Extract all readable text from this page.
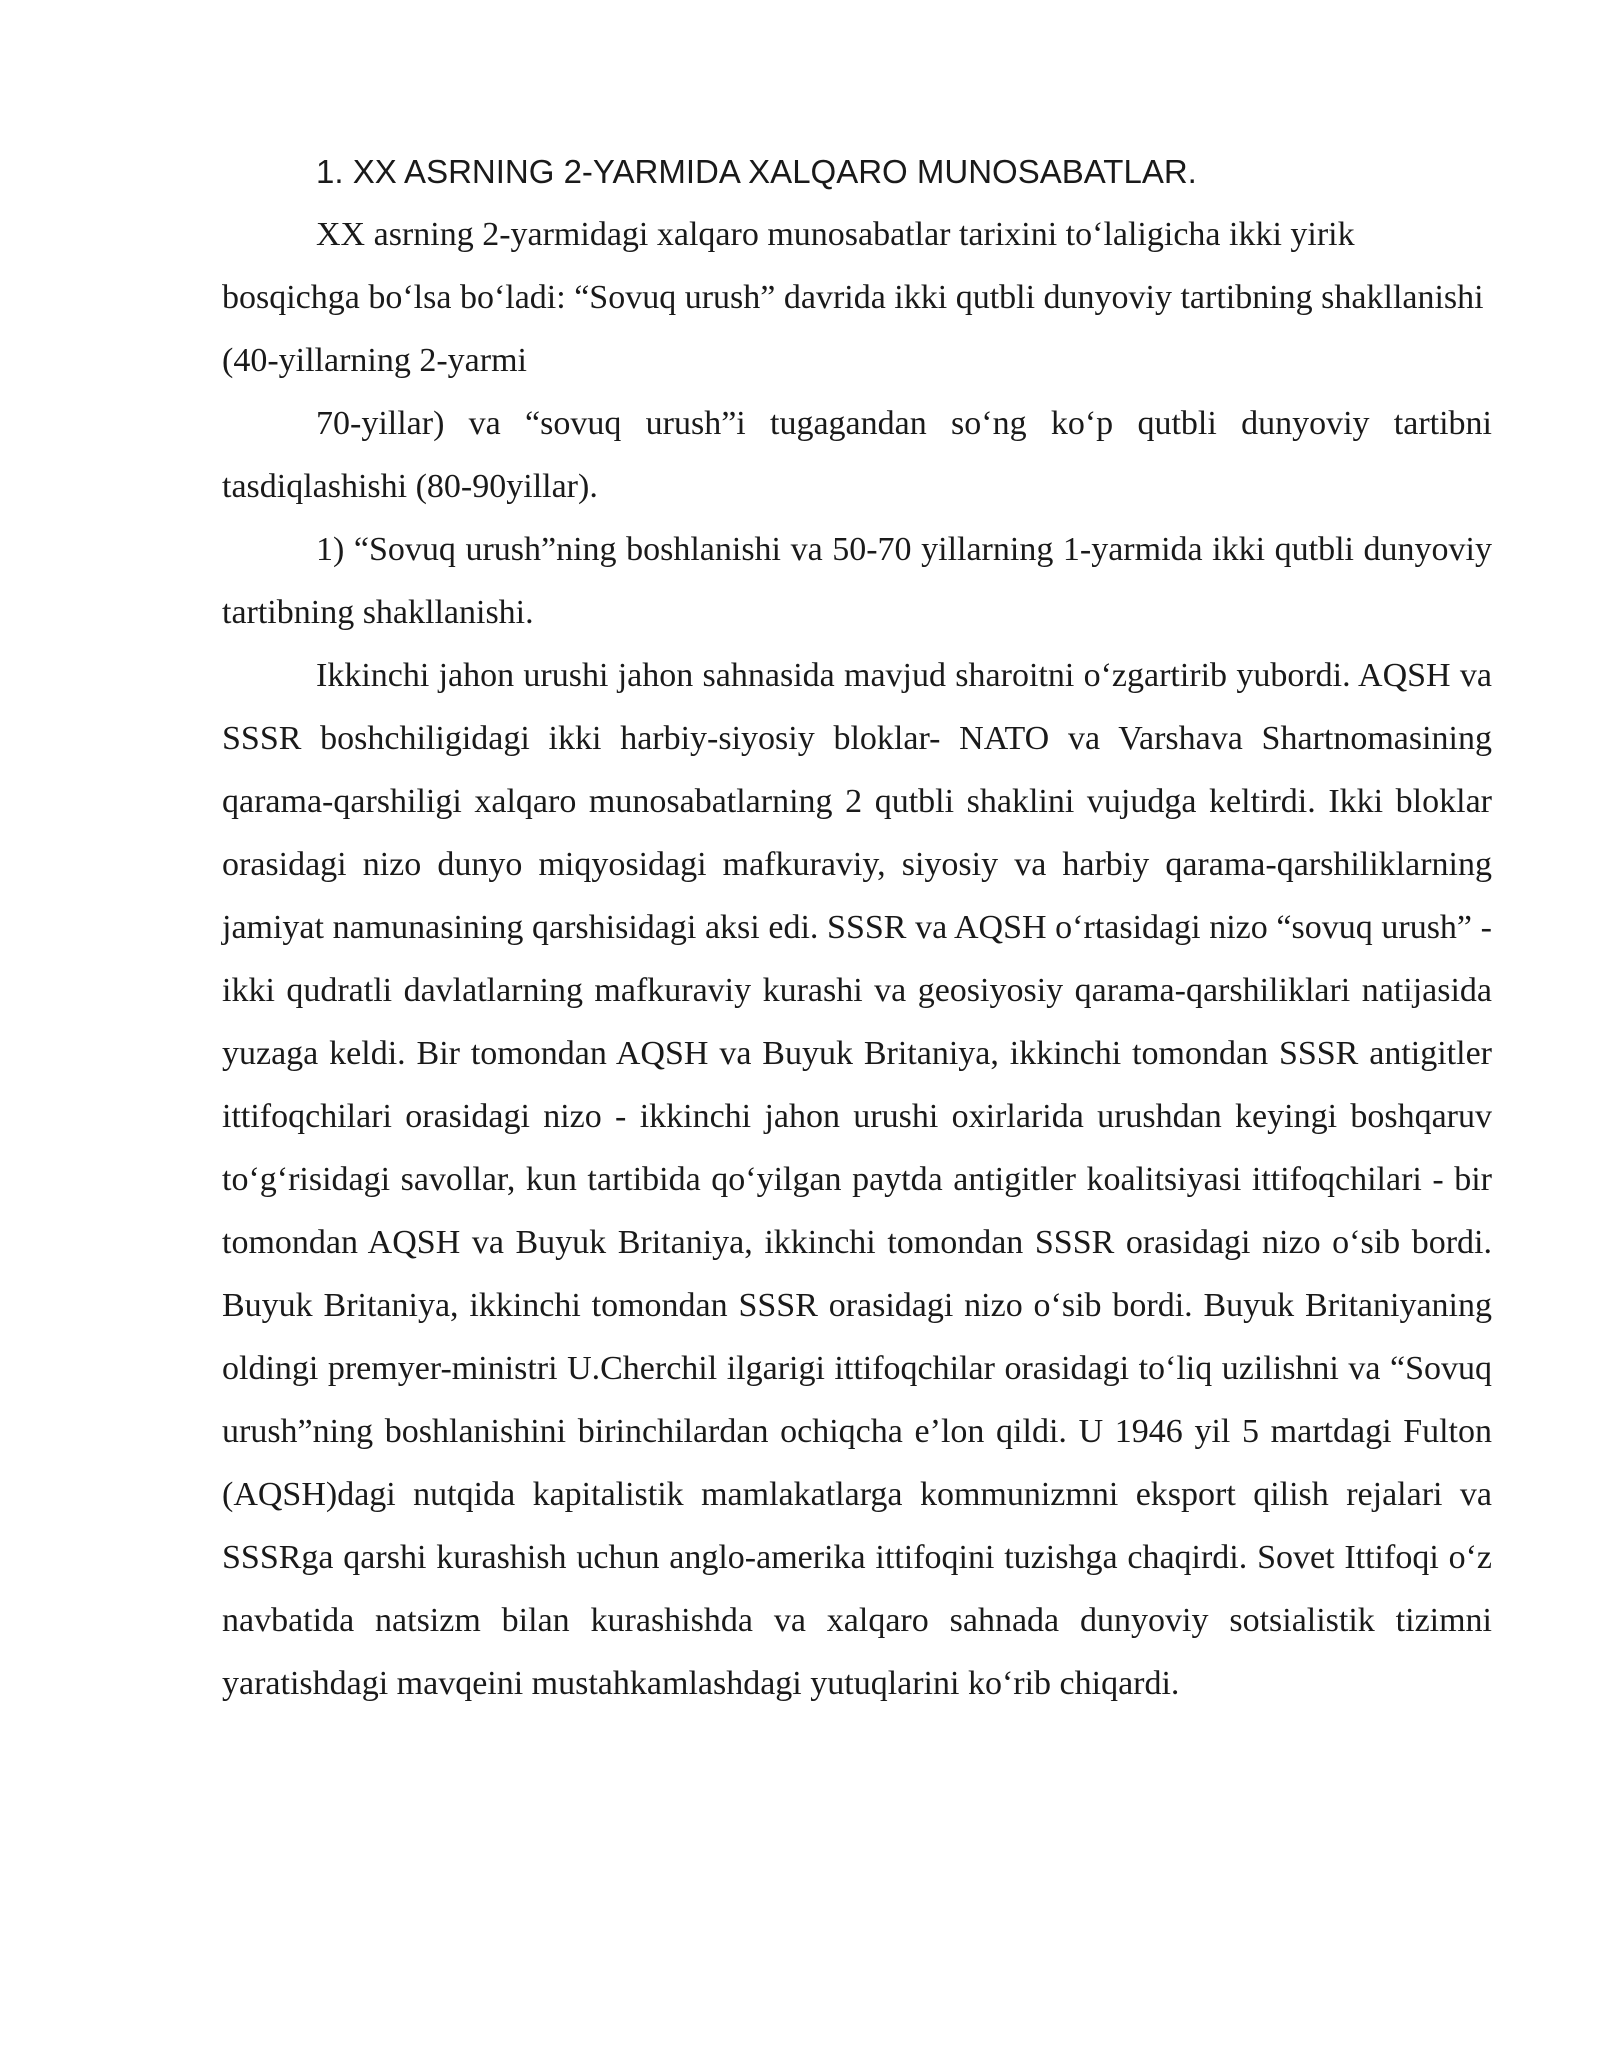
1. XX ASRNING 2-YARMIDA XALQARO MUNOSABATLAR.

XX asrning 2-yarmidagi xalqaro munosabatlar tarixini to‘laligicha ikki yirik bosqichga bo‘lsa bo‘ladi: “Sovuq urush” davrida ikki qutbli dunyoviy tartibning shakllanishi (40-yillarning 2-yarmi

70-yillar) va “sovuq urush”i tugagandan so‘ng ko‘p qutbli dunyoviy tartibni tasdiqlashishi (80-90yillar).

1) “Sovuq urush”ning boshlanishi va 50-70 yillarning 1-yarmida ikki qutbli dunyoviy tartibning shakllanishi.

Ikkinchi jahon urushi jahon sahnasida mavjud sharoitni o‘zgartirib yubordi. AQSH va SSSR boshchiligidagi ikki harbiy-siyosiy bloklar- NATO va Varshava Shartnomasining qarama-qarshiligi xalqaro munosabatlarning 2 qutbli shaklini vujudga keltirdi. Ikki bloklar orasidagi nizo dunyo miqyosidagi mafkuraviy, siyosiy va harbiy qarama-qarshiliklarning jamiyat namunasining qarshisidagi aksi edi. SSSR va AQSH o‘rtasidagi nizo “sovuq urush” - ikki qudratli davlatlarning mafkuraviy kurashi va geosiyosiy qarama-qarshiliklari natijasida yuzaga keldi. Bir tomondan AQSH va Buyuk Britaniya, ikkinchi tomondan SSSR antigitler ittifoqchilari orasidagi nizo - ikkinchi jahon urushi oxirlarida urushdan keyingi boshqaruv to‘g‘risidagi savollar, kun tartibida qo‘yilgan paytda antigitler koalitsiyasi ittifoqchilari - bir tomondan AQSH va Buyuk Britaniya, ikkinchi tomondan SSSR orasidagi nizo o‘sib bordi. Buyuk Britaniya, ikkinchi tomondan SSSR orasidagi nizo o‘sib bordi. Buyuk Britaniyaning oldingi premyer-ministri U.Cherchil ilgarigi ittifoqchilar orasidagi to‘liq uzilishni va “Sovuq urush”ning boshlanishini birinchilardan ochiqcha e’lon qildi. U 1946 yil 5 martdagi Fulton (AQSH)dagi nutqida kapitalistik mamlakatlarga kommunizmni eksport qilish rejalari va SSSRga qarshi kurashish uchun anglo-amerika ittifoqini tuzishga chaqirdi. Sovet Ittifoqi o‘z navbatida natsizm bilan kurashishda va xalqaro sahnada dunyoviy sotsialistik tizimni yaratishdagi mavqeini mustahkamlashdagi yutuqlarini ko‘rib chiqardi.
